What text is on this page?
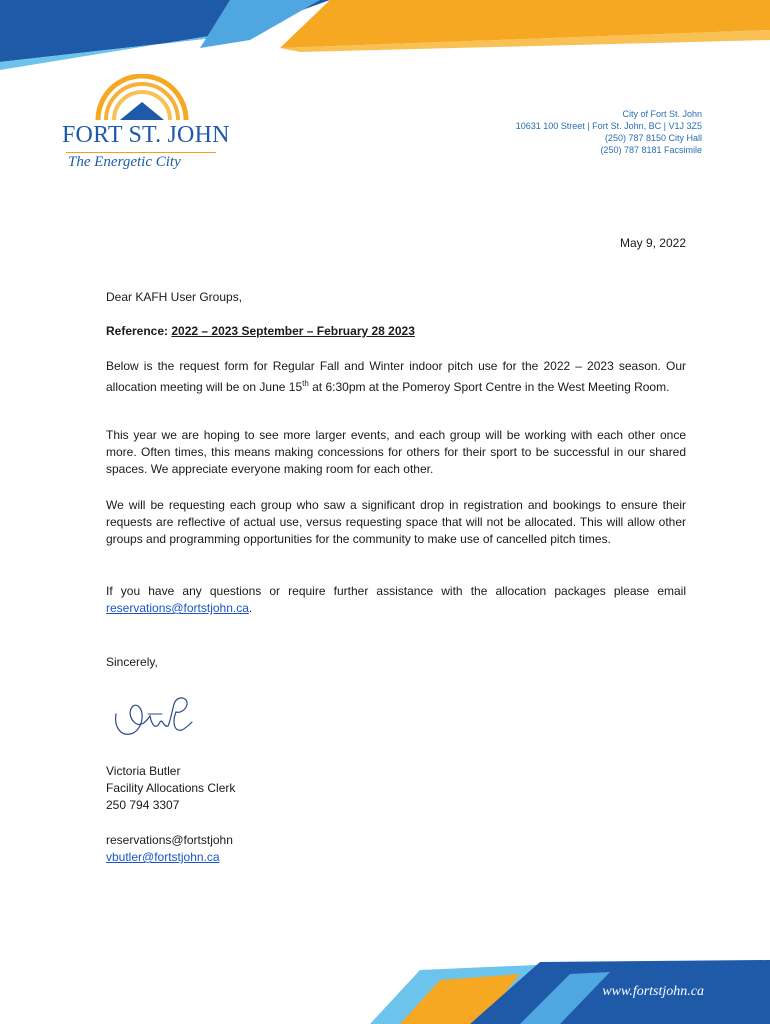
FORT ST. JOHN
The Energetic City
City of Fort St. John
10631 100 Street | Fort St. John, BC | V1J 3Z5
(250) 787 8150 City Hall
(250) 787 8181 Facsimile
May 9, 2022
Dear KAFH User Groups,
Reference: 2022 – 2023 September – February 28 2023

Below is the request form for Regular Fall and Winter indoor pitch use for the 2022 – 2023 season. Our allocation meeting will be on June 15th at 6:30pm at the Pomeroy Sport Centre in the West Meeting Room.

This year we are hoping to see more larger events, and each group will be working with each other once more. Often times, this means making concessions for others for their sport to be successful in our shared spaces. We appreciate everyone making room for each other.

We will be requesting each group who saw a significant drop in registration and bookings to ensure their requests are reflective of actual use, versus requesting space that will not be allocated. This will allow other groups and programming opportunities for the community to make use of cancelled pitch times.

If you have any questions or require further assistance with the allocation packages please email reservations@fortstjohn.ca.

Sincerely,
Victoria Butler
Facility Allocations Clerk
250 794 3307
reservations@fortstjohn
vbutler@fortstjohn.ca
www.fortstjohn.ca
